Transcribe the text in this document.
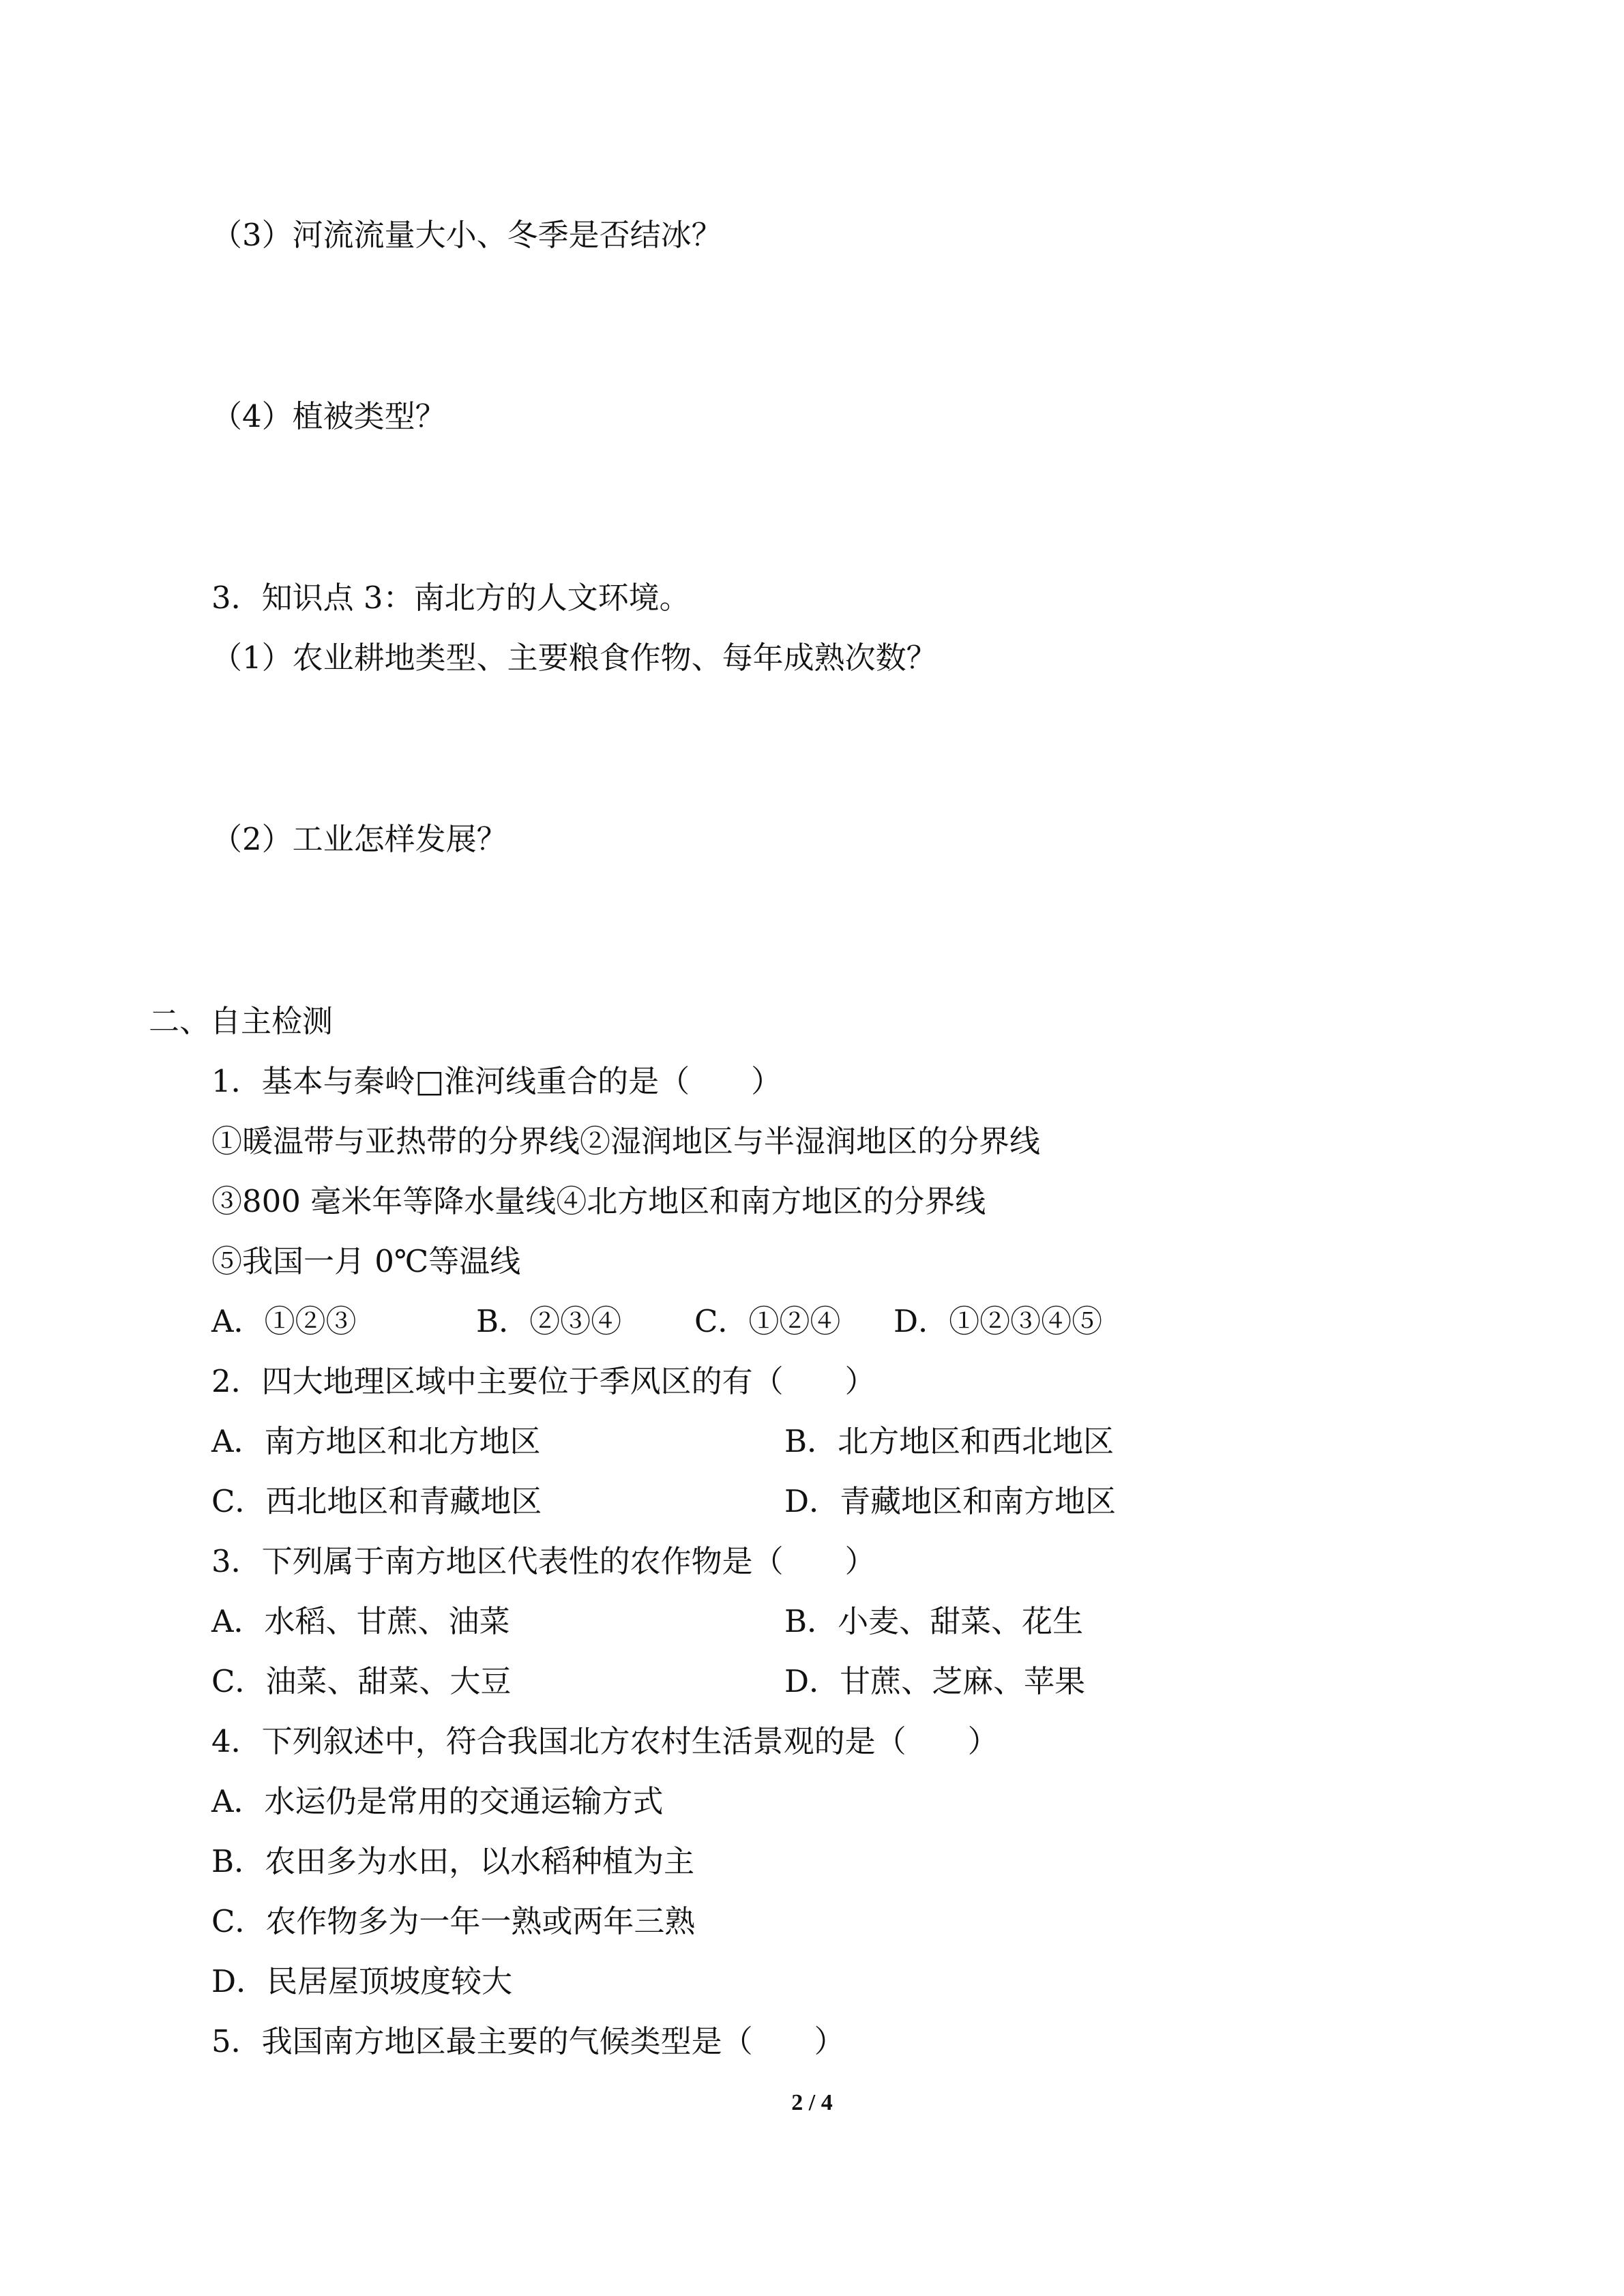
（3）河流流量大小、冬季是否结冰？
（4）植被类型？
3．知识点 3：南北方的人文环境。
（1）农业耕地类型、主要粮食作物、每年成熟次数？
（2）工业怎样发展？
二、自主检测
1．基本与秦岭□淮河线重合的是（　　）
①暖温带与亚热带的分界线②湿润地区与半湿润地区的分界线
③800 毫米年等降水量线④北方地区和南方地区的分界线
⑤我国一月 0℃等温线
A．①②③	B．②③④ C．①②④ D．①②③④⑤
2．四大地理区域中主要位于季风区的有（　　）
A．南方地区和北方地区	B．北方地区和西北地区
C．西北地区和青藏地区	D．青藏地区和南方地区
3．下列属于南方地区代表性的农作物是（　　）
A．水稻、甘蔗、油菜	B．小麦、甜菜、花生
C．油菜、甜菜、大豆	D．甘蔗、芝麻、苹果
4．下列叙述中，符合我国北方农村生活景观的是（　　）
A．水运仍是常用的交通运输方式
B．农田多为水田，以水稻种植为主
C．农作物多为一年一熟或两年三熟
D．民居屋顶坡度较大
5．我国南方地区最主要的气候类型是（　　）
2 / 4
